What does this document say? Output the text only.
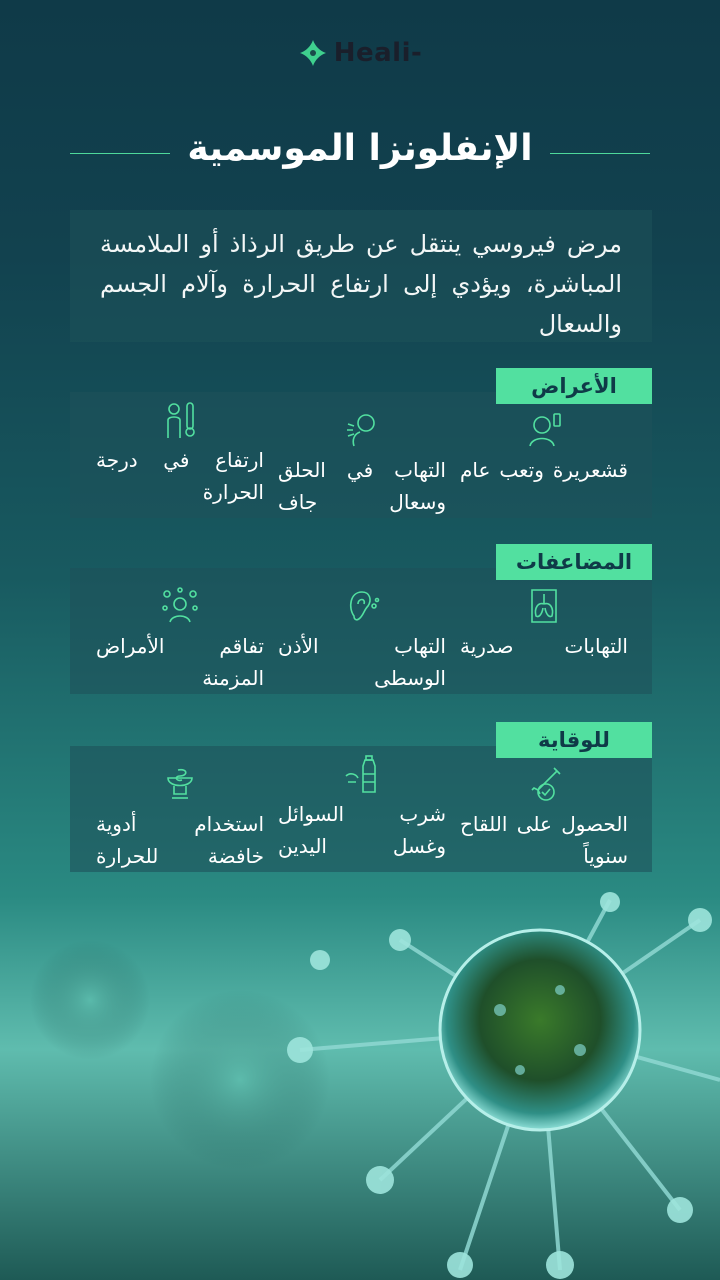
Heali-
الإنفلونزا الموسمية
مرض فيروسي ينتقل عن طريق الرذاذ أو الملامسة المباشرة، ويؤدي إلى ارتفاع الحرارة وآلام الجسم والسعال
قشعريرة وتعب عام
التهاب في الحلق وسعال جاف
ارتفاع في درجة الحرارة
الأعراض
التهابات صدرية
التهاب الأذن الوسطى
تفاقم الأمراض المزمنة
المضاعفات
الحصول على اللقاح سنوياً
شرب السوائل وغسل اليدين
استخدام أدوية خافضة للحرارة
للوقاية
